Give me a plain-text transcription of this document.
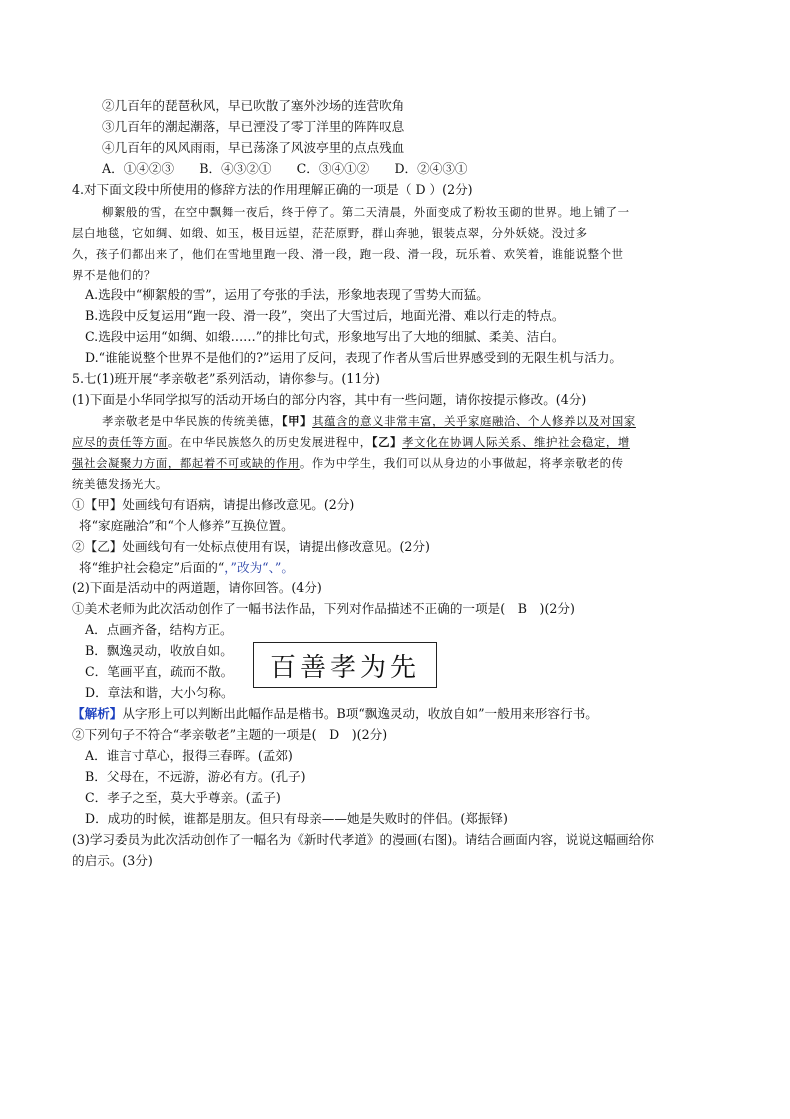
②几百年的琵琶秋风，早已吹散了塞外沙场的连营吹角
③几百年的潮起潮落，早已湮没了零丁洋里的阵阵叹息
④几百年的风风雨雨，早已荡涤了风波亭里的点点残血
A．①④②③　　B．④③②①　　C．③④①②　　D．②④③①
4.对下面文段中所使用的修辞方法的作用理解正确的一项是（ D ）(2分)
柳絮般的雪，在空中飘舞一夜后，终于停了。第二天清晨，外面变成了粉妆玉砌的世界。地上铺了一
层白地毯，它如绸、如缎、如玉，极目远望，茫茫原野，群山奔驰，银装点翠，分外妖娆。没过多
久，孩子们都出来了，他们在雪地里跑一段、滑一段，跑一段、滑一段，玩乐着、欢笑着，谁能说整个世
界不是他们的？
A.选段中“柳絮般的雪”，运用了夸张的手法，形象地表现了雪势大而猛。
B.选段中反复运用“跑一段、滑一段”，突出了大雪过后，地面光滑、难以行走的特点。
C.选段中运用“如绸、如缎……”的排比句式，形象地写出了大地的细腻、柔美、洁白。
D.“谁能说整个世界不是他们的?”运用了反问，表现了作者从雪后世界感受到的无限生机与活力。
5.七(1)班开展“孝亲敬老”系列活动，请你参与。(11分)
(1)下面是小华同学拟写的活动开场白的部分内容，其中有一些问题，请你按提示修改。(4分)
孝亲敬老是中华民族的传统美德，【甲】其蕴含的意义非常丰富，关乎家庭融洽、个人修养以及对国家
应尽的责任等方面。在中华民族悠久的历史发展进程中，【乙】孝文化在协调人际关系、维护社会稳定，增
强社会凝聚力方面，都起着不可或缺的作用。作为中学生，我们可以从身边的小事做起，将孝亲敬老的传
统美德发扬光大。
①【甲】处画线句有语病，请提出修改意见。(2分)
将“家庭融洽”和“个人修养”互换位置。
②【乙】处画线句有一处标点使用有误，请提出修改意见。(2分)
将“维护社会稳定”后面的“，”改为“、”。
(2)下面是活动中的两道题，请你回答。(4分)
①美术老师为此次活动创作了一幅书法作品，下列对作品描述不正确的一项是(　B　)(2分)
A．点画齐备，结构方正。
B．飘逸灵动，收放自如。
C．笔画平直，疏而不散。
D．章法和谐，大小匀称。
百善孝为先
【解析】从字形上可以判断出此幅作品是楷书。B项“飘逸灵动，收放自如”一般用来形容行书。
②下列句子不符合“孝亲敬老”主题的一项是(　D　)(2分)
A．谁言寸草心，报得三春晖。(孟郊)
B．父母在，不远游，游必有方。(孔子)
C．孝子之至，莫大乎尊亲。(孟子)
D．成功的时候，谁都是朋友。但只有母亲——她是失败时的伴侣。(郑振铎)
(3)学习委员为此次活动创作了一幅名为《新时代孝道》的漫画(右图)。请结合画面内容，说说这幅画给你
的启示。(3分)
